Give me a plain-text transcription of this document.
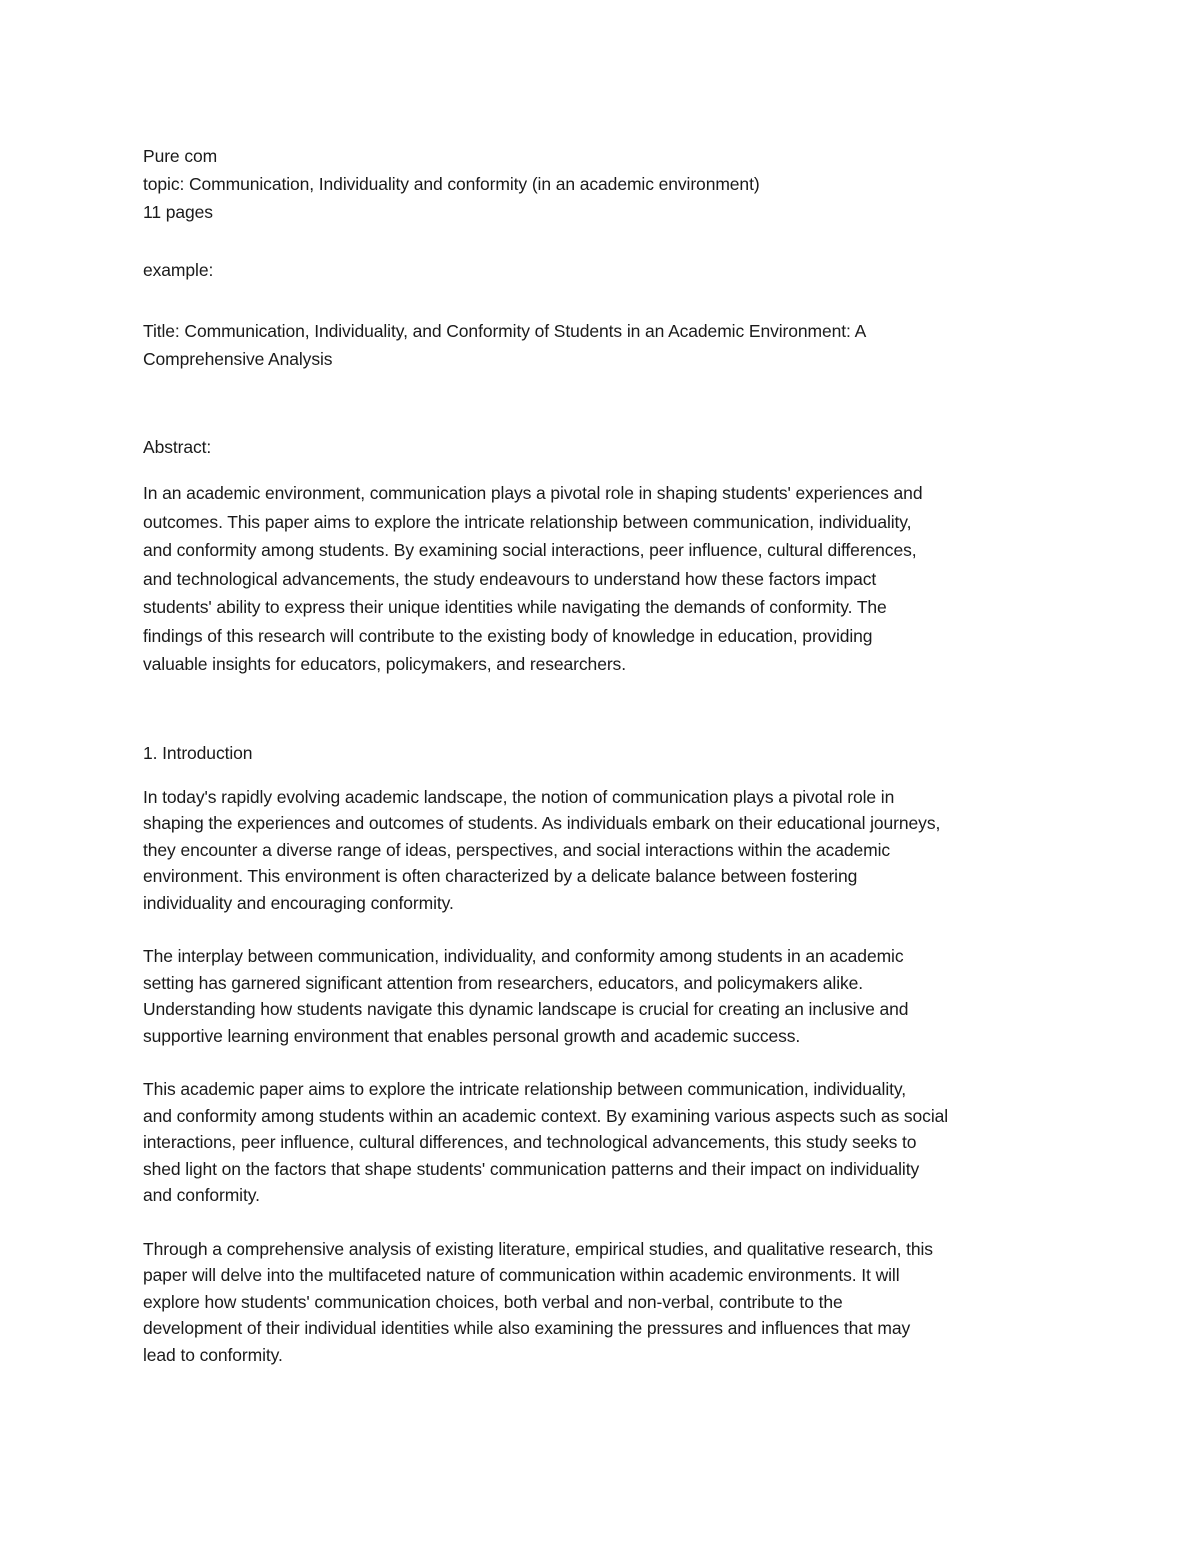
Pure com

topic: Communication, Individuality and conformity (in an academic environment)

11 pages

example:

Title: Communication, Individuality, and Conformity of Students in an Academic Environment: A

Comprehensive Analysis

Abstract:

In an academic environment, communication plays a pivotal role in shaping students' experiences and

outcomes. This paper aims to explore the intricate relationship between communication, individuality,

and conformity among students. By examining social interactions, peer influence, cultural differences,

and technological advancements, the study endeavours to understand how these factors impact

students' ability to express their unique identities while navigating the demands of conformity. The

findings of this research will contribute to the existing body of knowledge in education, providing

valuable insights for educators, policymakers, and researchers.

1. Introduction

In today's rapidly evolving academic landscape, the notion of communication plays a pivotal role in

shaping the experiences and outcomes of students. As individuals embark on their educational journeys,

they encounter a diverse range of ideas, perspectives, and social interactions within the academic

environment. This environment is often characterized by a delicate balance between fostering

individuality and encouraging conformity.

The interplay between communication, individuality, and conformity among students in an academic

setting has garnered significant attention from researchers, educators, and policymakers alike.

Understanding how students navigate this dynamic landscape is crucial for creating an inclusive and

supportive learning environment that enables personal growth and academic success.

This academic paper aims to explore the intricate relationship between communication, individuality,

and conformity among students within an academic context. By examining various aspects such as social

interactions, peer influence, cultural differences, and technological advancements, this study seeks to

shed light on the factors that shape students' communication patterns and their impact on individuality

and conformity.

Through a comprehensive analysis of existing literature, empirical studies, and qualitative research, this

paper will delve into the multifaceted nature of communication within academic environments. It will

explore how students' communication choices, both verbal and non-verbal, contribute to the

development of their individual identities while also examining the pressures and influences that may

lead to conformity.
